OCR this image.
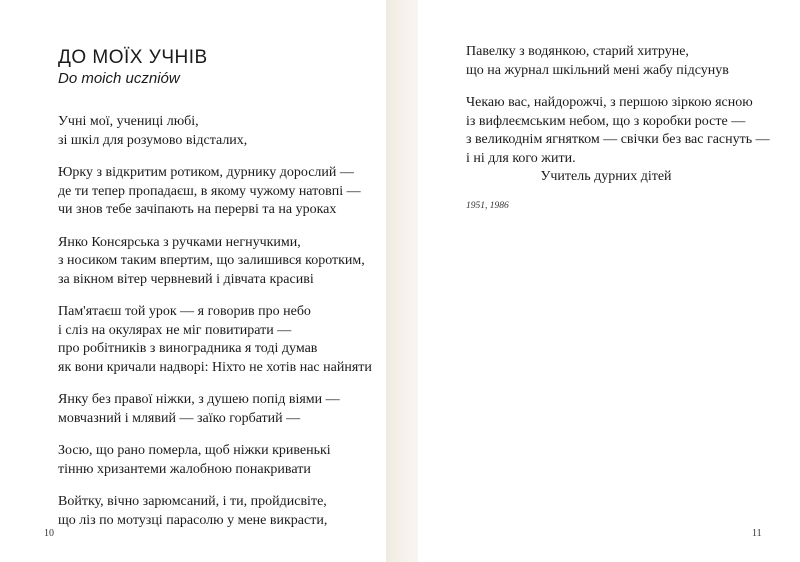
ДО МОЇХ УЧНІВ
Do moich uczniów
Учні мої, учениці любі,
зі шкіл для розумово відсталих,
Юрку з відкритим ротиком, дурнику дорослий —
де ти тепер пропадаєш, в якому чужому натовпі —
чи знов тебе зачіпають на перерві та на уроках
Янко Консярська з ручками негнучкими,
з носиком таким впертим, що залишився коротким,
за вікном вітер червневий і дівчата красиві
Пам'ятаєш той урок — я говорив про небо
і сліз на окулярах не міг повитирати —
про робітників з виноградника я тоді думав
як вони кричали надворі: Ніхто не хотів нас найняти
Янку без правої ніжки, з душею попід віями —
мовчазний і млявий — заїко горбатий —
Зосю, що рано померла, щоб ніжки кривенькі
тінню хризантеми жалобною понакривати
Войтку, вічно зарюмсаний, і ти, пройдисвіте,
що ліз по мотузці парасолю у мене викрасти,
10
Павелку з водянкою, старий хитруне,
що на журнал шкільний мені жабу підсунув
Чекаю вас, найдорожчі, з першою зіркою ясною
із вифлеємським небом, що з коробки росте —
з великоднім ягнятком — свічки без вас гаснуть —
і ні для кого жити.
Учитель дурних дітей
1951, 1986
11
